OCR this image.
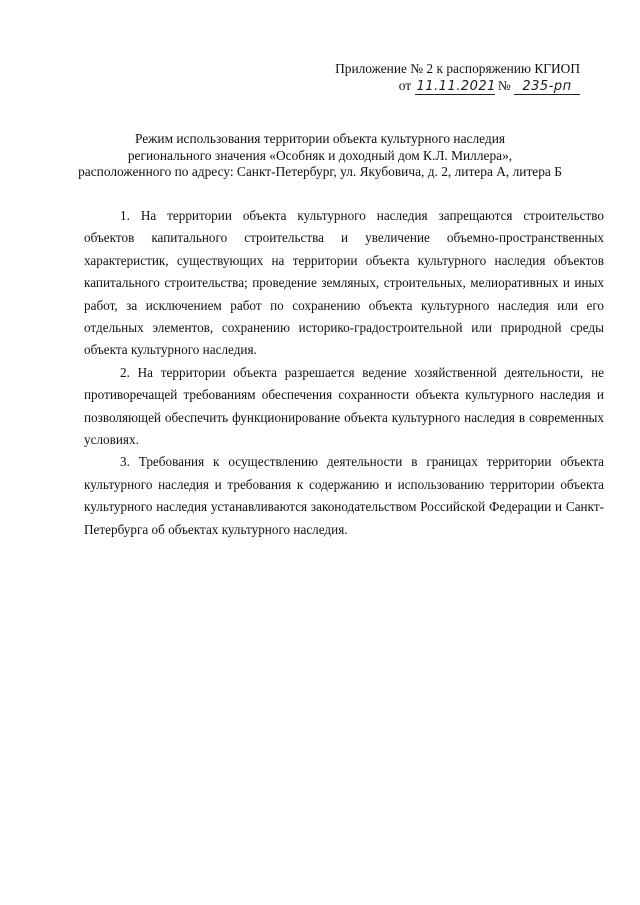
Приложение № 2 к распоряжению КГИОП
от 11.11.2021 № 235-рп
Режим использования территории объекта культурного наследия
регионального значения «Особняк и доходный дом К.Л. Миллера»,
расположенного по адресу: Санкт-Петербург, ул. Якубовича, д. 2, литера А, литера Б

1. На территории объекта культурного наследия запрещаются строительство объектов капитального строительства и увеличение объемно-пространственных характеристик, существующих на территории объекта культурного наследия объектов капитального строительства; проведение земляных, строительных, мелиоративных и иных работ, за исключением работ по сохранению объекта культурного наследия или его отдельных элементов, сохранению историко-градостроительной или природной среды объекта культурного наследия.

2. На территории объекта разрешается ведение хозяйственной деятельности, не противоречащей требованиям обеспечения сохранности объекта культурного наследия и позволяющей обеспечить функционирование объекта культурного наследия в современных условиях.

3. Требования к осуществлению деятельности в границах территории объекта культурного наследия и требования к содержанию и использованию территории объекта культурного наследия устанавливаются законодательством Российской Федерации и Санкт-Петербурга об объектах культурного наследия.
